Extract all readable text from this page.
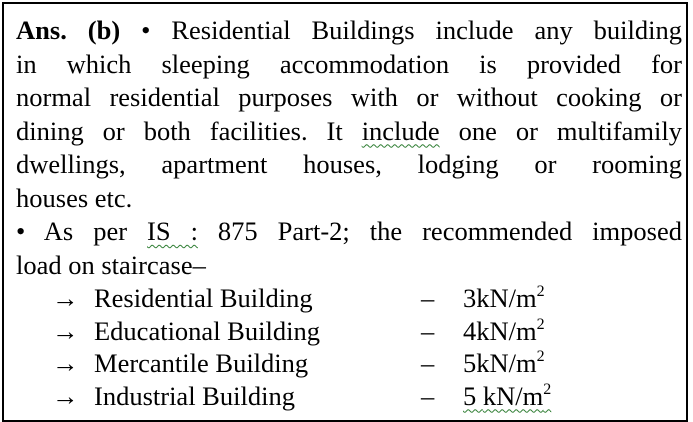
Ans. (b) • Residential Buildings include any building
in which sleeping accommodation is provided for
normal residential purposes with or without cooking or
dining or both facilities. It include one or multifamily
dwellings, apartment houses, lodging or rooming
houses etc.
• As per IS : 875 Part-2; the recommended imposed
load on staircase–
→ Residential Building	– $3kN/m^2$
→ Educational Building	– $4kN/m^2$
→ Mercantile Building	– $5kN/m^2$
→ Industrial Building	– 5 $kN/m^2$
